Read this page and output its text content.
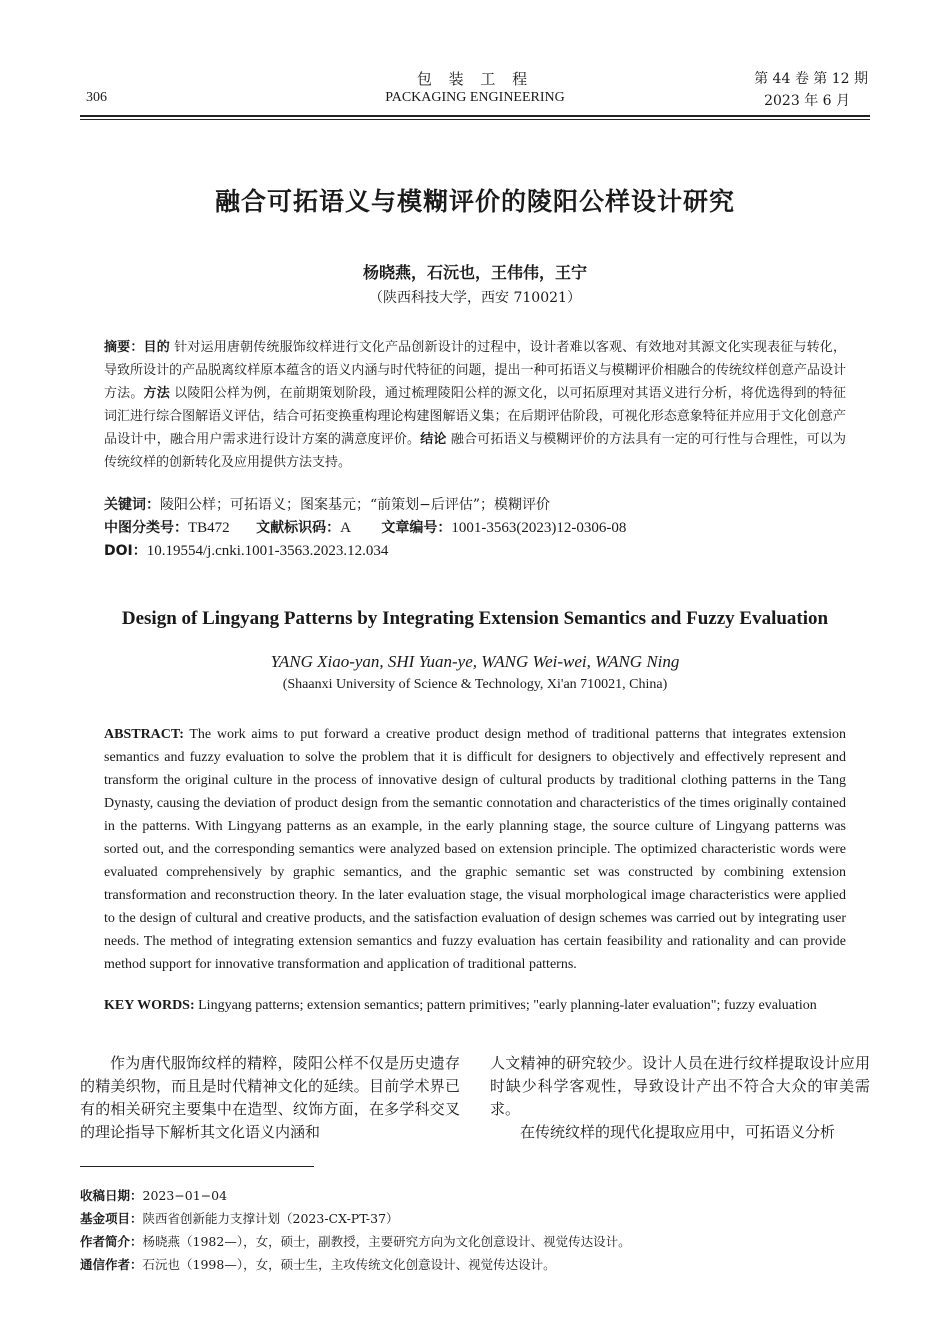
包 装 工 程
PACKAGING ENGINEERING
306
第 44 卷 第 12 期
2023 年 6 月
融合可拓语义与模糊评价的陵阳公样设计研究
杨晓燕，石沅也，王伟伟，王宁
（陕西科技大学，西安 710021）
摘要：目的 针对运用唐朝传统服饰纹样进行文化产品创新设计的过程中，设计者难以客观、有效地对其源文化实现表征与转化，导致所设计的产品脱离纹样原本蕴含的语义内涵与时代特征的问题，提出一种可拓语义与模糊评价相融合的传统纹样创意产品设计方法。方法 以陵阳公样为例，在前期策划阶段，通过梳理陵阳公样的源文化，以可拓原理对其语义进行分析，将优选得到的特征词汇进行综合图解语义评估，结合可拓变换重构理论构建图解语义集；在后期评估阶段，可视化形态意象特征并应用于文化创意产品设计中，融合用户需求进行设计方案的满意度评价。结论 融合可拓语义与模糊评价的方法具有一定的可行性与合理性，可以为传统纹样的创新转化及应用提供方法支持。
关键词：陵阳公样；可拓语义；图案基元；“前策划−后评估”；模糊评价
中图分类号：TB472 文献标识码：A 文章编号：1001-3563(2023)12-0306-08
DOI：10.19554/j.cnki.1001-3563.2023.12.034
Design of Lingyang Patterns by Integrating Extension Semantics and Fuzzy Evaluation
YANG Xiao-yan, SHI Yuan-ye, WANG Wei-wei, WANG Ning
(Shaanxi University of Science & Technology, Xi'an 710021, China)
ABSTRACT: The work aims to put forward a creative product design method of traditional patterns that integrates extension semantics and fuzzy evaluation to solve the problem that it is difficult for designers to objectively and effectively represent and transform the original culture in the process of innovative design of cultural products by traditional clothing patterns in the Tang Dynasty, causing the deviation of product design from the semantic connotation and characteristics of the times originally contained in the patterns. With Lingyang patterns as an example, in the early planning stage, the source culture of Lingyang patterns was sorted out, and the corresponding semantics were analyzed based on extension principle. The optimized characteristic words were evaluated comprehensively by graphic semantics, and the graphic semantic set was constructed by combining extension transformation and reconstruction theory. In the later evaluation stage, the visual morphological image characteristics were applied to the design of cultural and creative products, and the satisfaction evaluation of design schemes was carried out by integrating user needs. The method of integrating extension semantics and fuzzy evaluation has certain feasibility and rationality and can provide method support for innovative transformation and application of traditional patterns.
KEY WORDS: Lingyang patterns; extension semantics; pattern primitives; "early planning-later evaluation"; fuzzy evaluation

作为唐代服饰纹样的精粹，陵阳公样不仅是历史遗存的精美织物，而且是时代精神文化的延续。目前学术界已有的相关研究主要集中在造型、纹饰方面，在多学科交叉的理论指导下解析其文化语义内涵和

人文精神的研究较少。设计人员在进行纹样提取设计应用时缺少科学客观性，导致设计产出不符合大众的审美需求。

在传统纹样的现代化提取应用中，可拓语义分析

收稿日期：2023−01−04
基金项目：陕西省创新能力支撑计划（2023-CX-PT-37）
作者简介：杨晓燕（1982—），女，硕士，副教授，主要研究方向为文化创意设计、视觉传达设计。
通信作者：石沅也（1998—），女，硕士生，主攻传统文化创意设计、视觉传达设计。
